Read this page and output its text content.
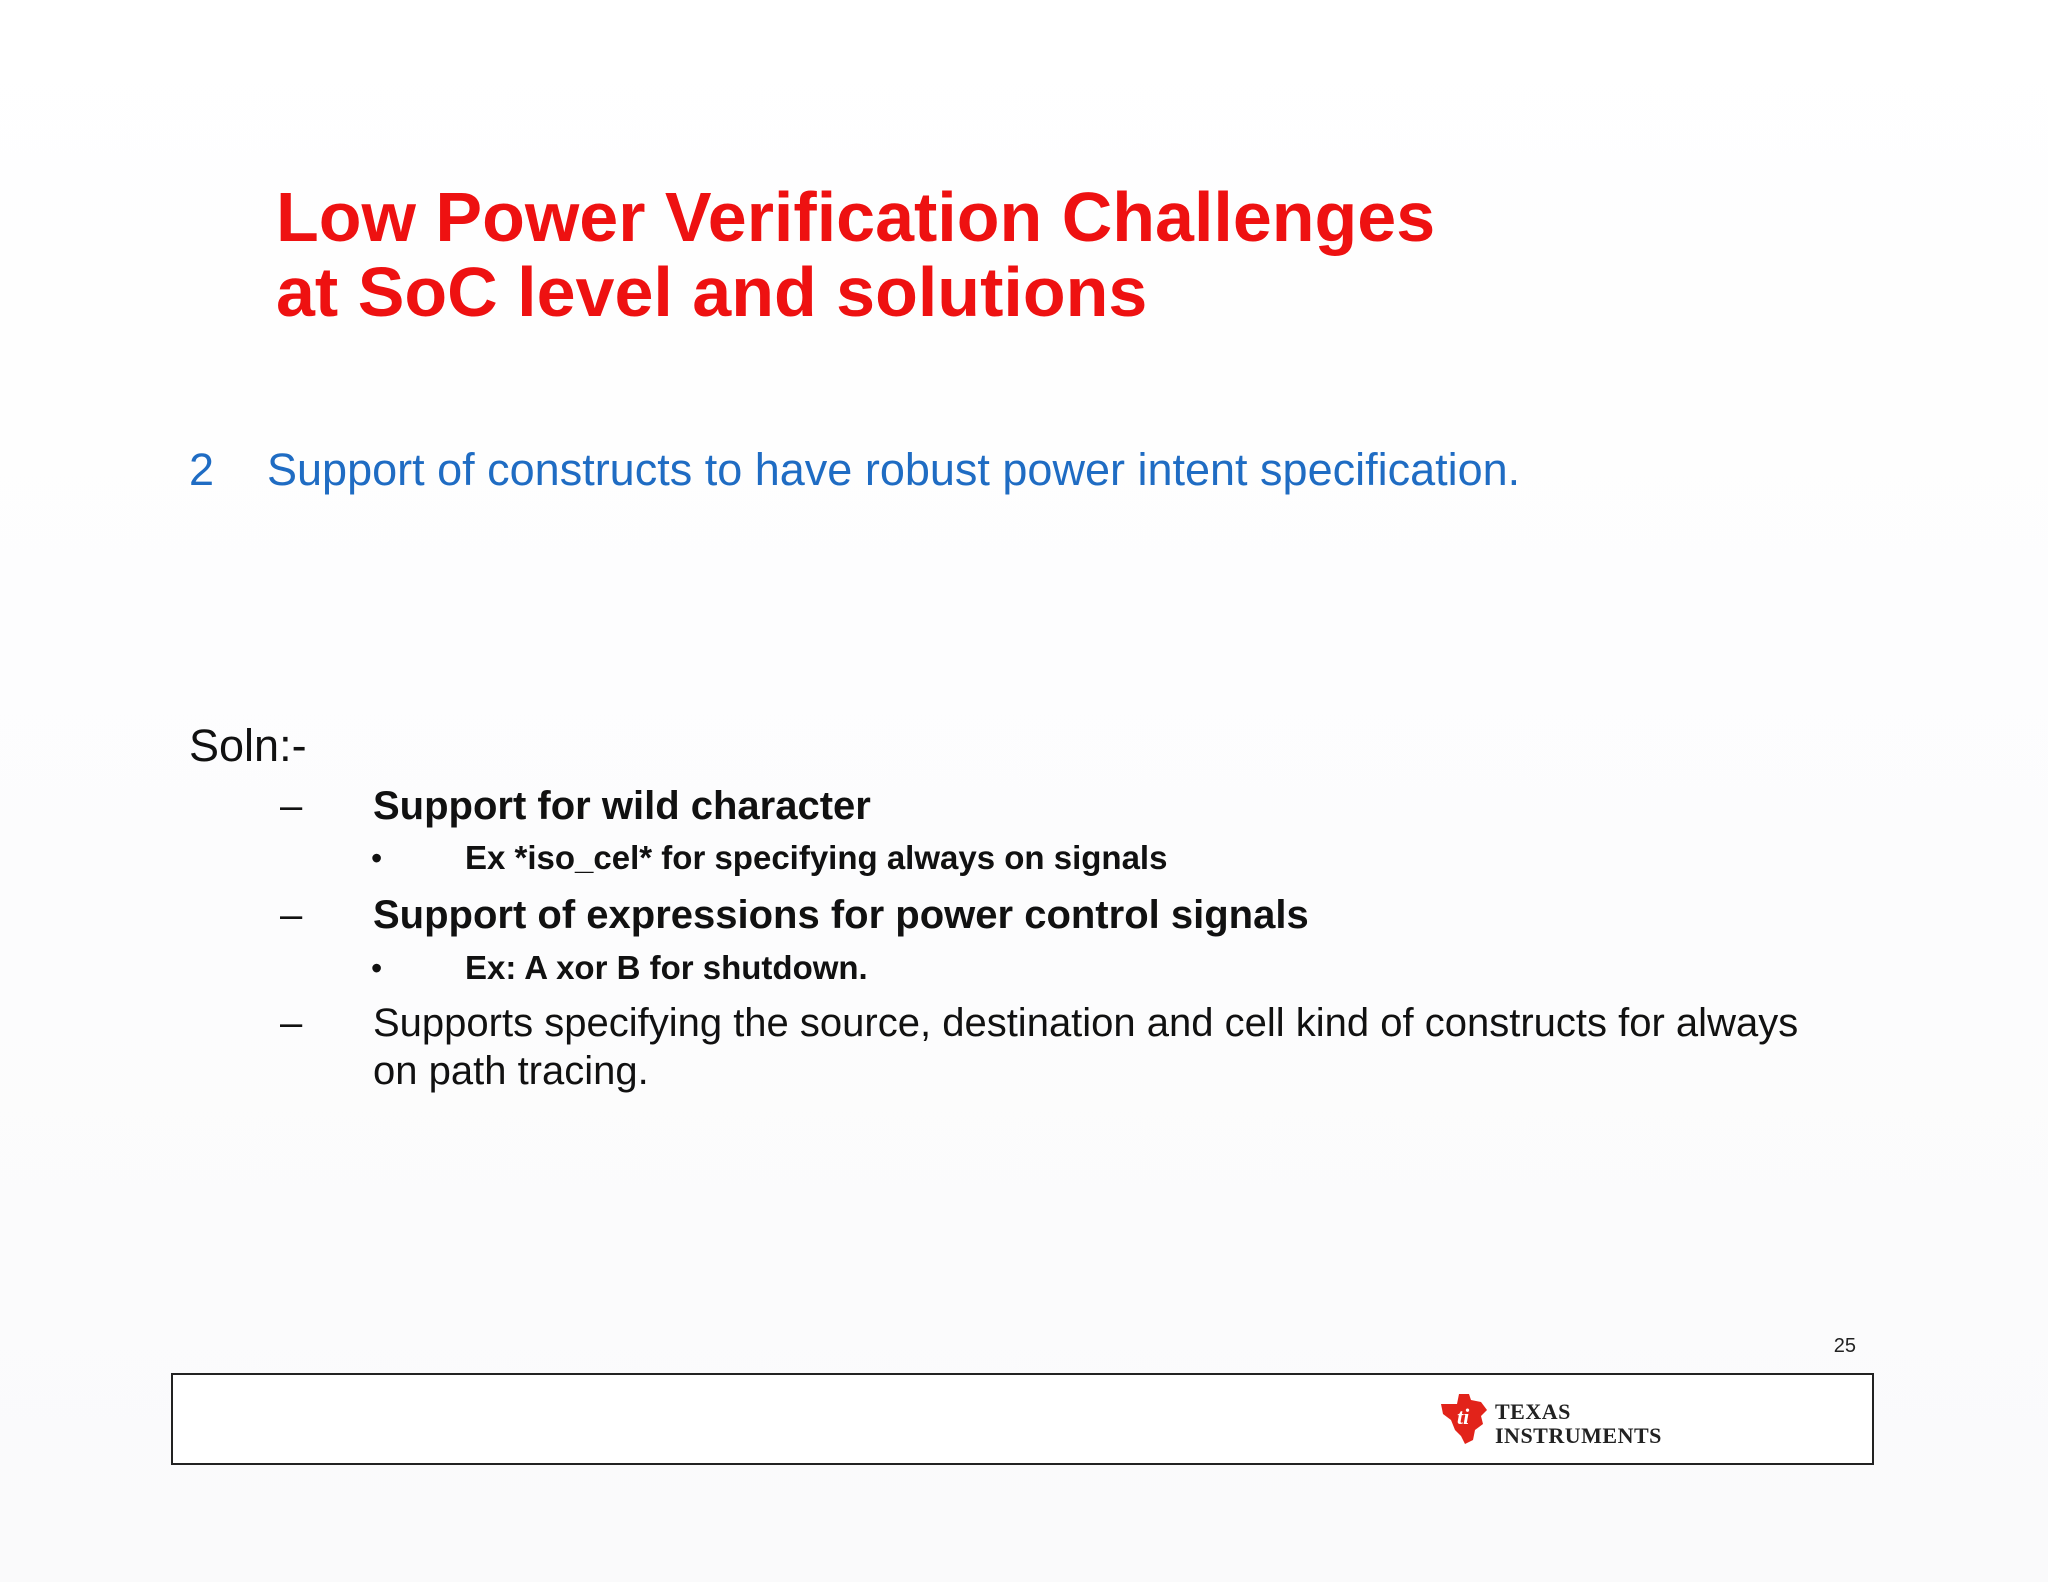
Low Power Verification Challenges
at SoC level and solutions
2 Support of constructs to have robust power intent specification.
Soln:-
– Support for wild character
•	Ex *iso_cel* for specifying always on signals
– Support of expressions for power control signals
•	Ex: A xor B for shutdown.
– Supports specifying the source, destination and cell kind of constructs for always on path tracing.
25
ti TEXAS
INSTRUMENTS
